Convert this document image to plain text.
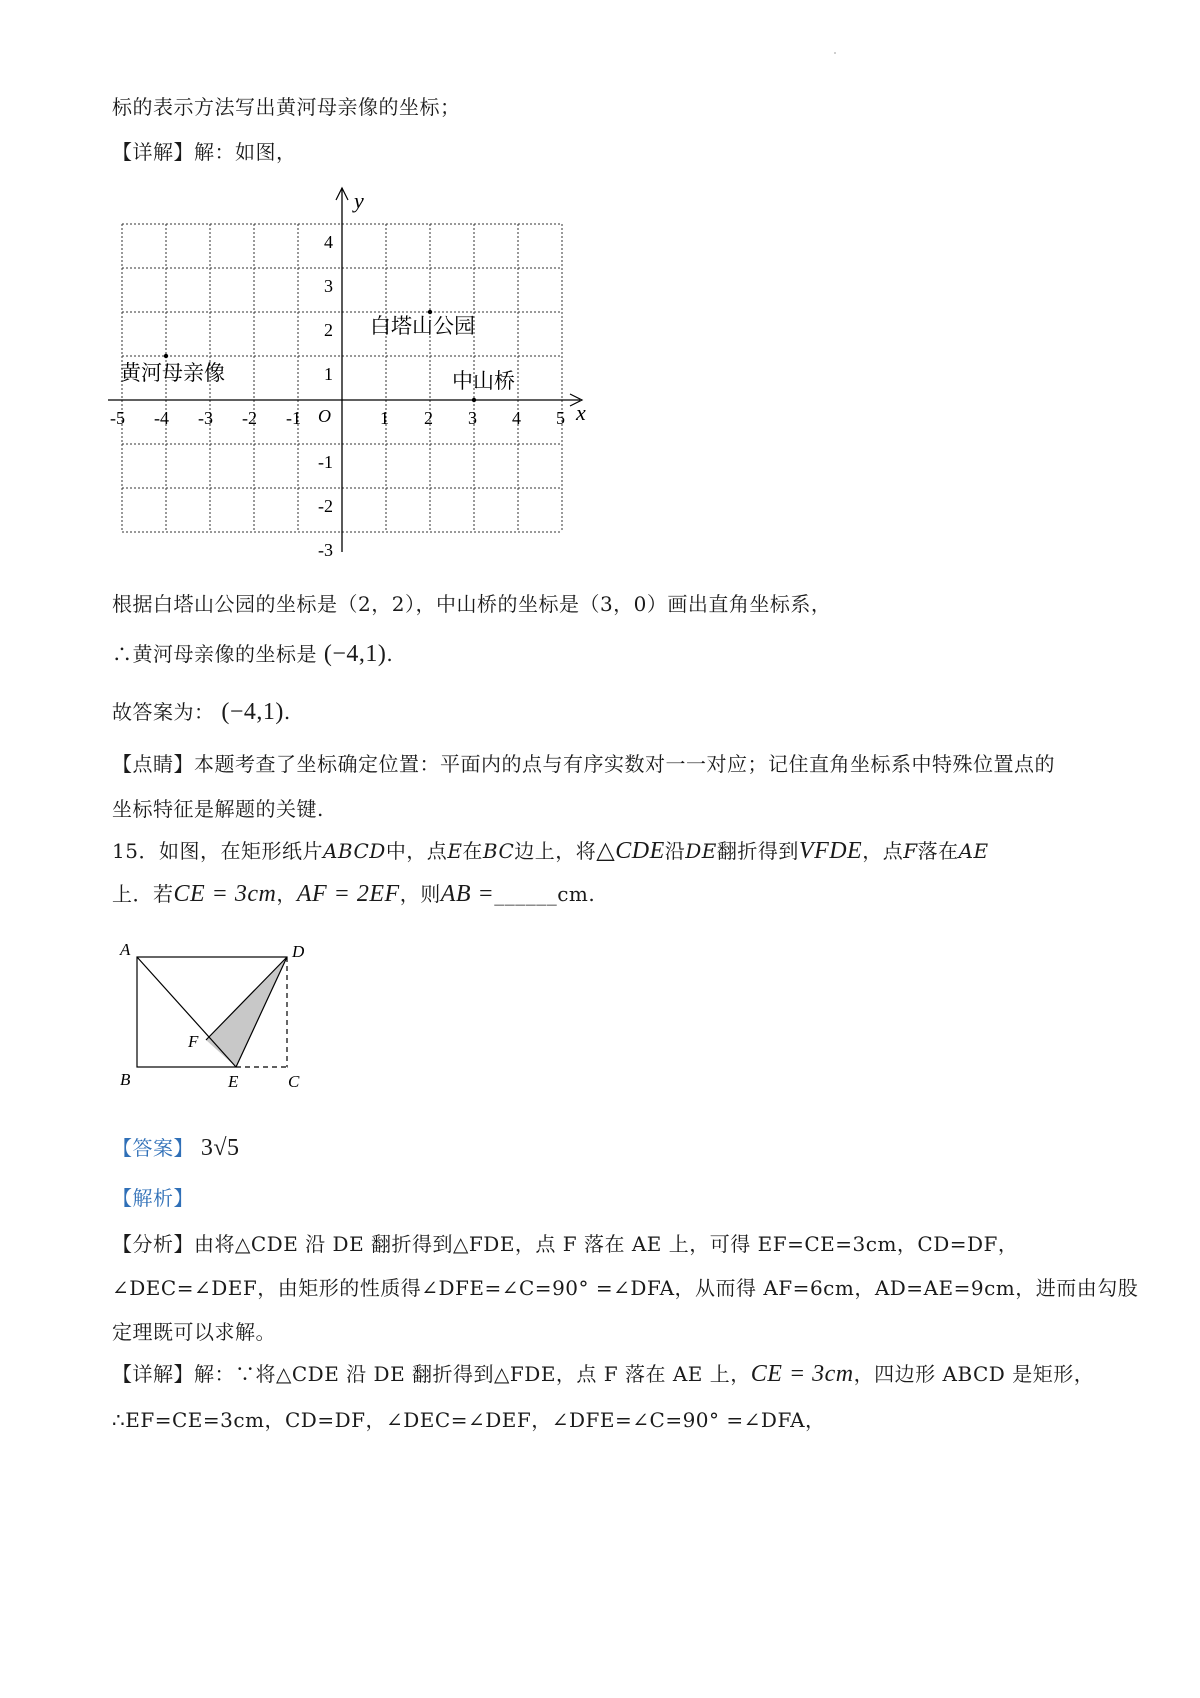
标的表示方法写出黄河母亲像的坐标；
【详解】解：如图，
y
x
O
-5 -4 -3 -2 -1	1 2 3 4 5
4
3
2
1
-1
-2
-3
白塔山公园
中山桥
黄河母亲像
根据白塔山公园的坐标是（2，2），中山桥的坐标是（3，0）画出直角坐标系，
∴黄河母亲像的坐标是 (−4,1).
故答案为： (−4,1).
【点睛】本题考查了坐标确定位置：平面内的点与有序实数对一一对应；记住直角坐标系中特殊位置点的
坐标特征是解题的关键.
15．如图，在矩形纸片ABCD中，点E在BC边上，将△CDE沿DE翻折得到VFDE，点F落在AE
上．若CE = 3cm，AF = 2EF，则AB =______cm.
A	D
F
B	E	C
【答案】 3√5
【解析】
【分析】由将△CDE 沿 DE 翻折得到△FDE，点 F 落在 AE 上，可得 EF=CE=3cm，CD=DF，
∠DEC=∠DEF，由矩形的性质得∠DFE=∠C=90° =∠DFA，从而得 AF=6cm，AD=AE=9cm，进而由勾股
定理既可以求解。
【详解】解：∵将△CDE 沿 DE 翻折得到△FDE，点 F 落在 AE 上，CE = 3cm，四边形 ABCD 是矩形，
∴EF=CE=3cm，CD=DF，∠DEC=∠DEF，∠DFE=∠C=90° =∠DFA，
